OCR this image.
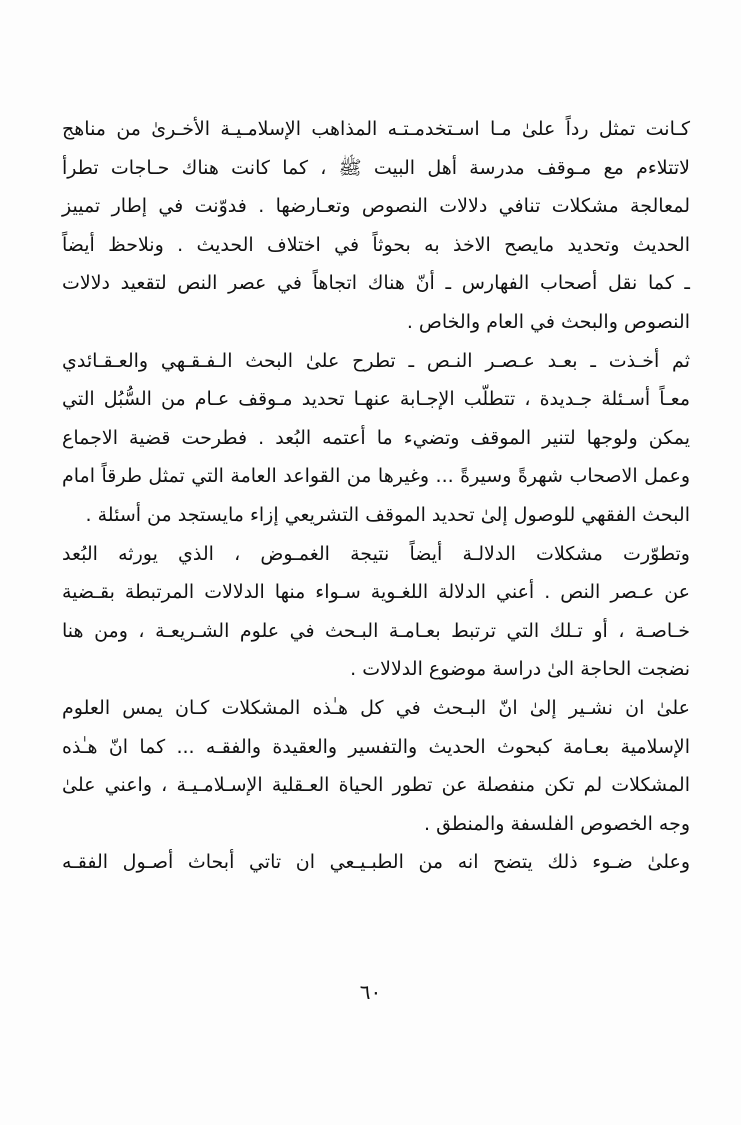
كـانت تمثل رداً علىٰ مـا اسـتخدمـتـه المذاهب الإسلامـيـة الأخـرىٰ من مناهج
لاتتلاءم مع مـوقف مدرسة أهل البيت ﷺ ، كما كانت هناك حـاجات تطرأ
لمعالجة مشكلات تنافي دلالات النصوص وتعـارضها . فدوّنت في إطار تمييز
الحديث وتحديد مايصح الاخذ به بحوثاً في اختلاف الحديث . ونلاحظ أيضاً
ـ كما نقل أصحاب الفهارس ـ أنّ هناك اتجاهاً في عصر النص لتقعيد دلالات
النصوص والبحث في العام والخاص .
ثم أخـذت ـ بعـد عـصـر النـص ـ تطرح علىٰ البحث الـفـقـهي والعـقـائدي
معـاً أسـئلة جـديدة ، تتطلّب الإجـابة عنهـا تحديد مـوقف عـام من السُّبُل التي
يمكن ولوجها لتنير الموقف وتضيء ما أعتمه البُعد . فطرحت قضية الاجماع
وعمل الاصحاب شهرةً وسيرةً ... وغيرها من القواعد العامة التي تمثل طرقاً امام
البحث الفقهي للوصول إلىٰ تحديد الموقف التشريعي إزاء مايستجد من أسئلة .
وتطوّرت مشكلات الدلالـة أيضاً نتيجة الغمـوض ، الذي يورثه البُعد
عن عـصر النص . أعني الدلالة اللغـوية سـواء منها الدلالات المرتبطة بقـضية
خـاصـة ، أو تـلك التي ترتبط بعـامـة البـحث في علوم الشـريعـة ، ومن هنا
نضجت الحاجة الىٰ دراسة موضوع الدلالات .
علىٰ ان نشـير إلىٰ انّ البـحث في كل هـٰذه المشكلات كـان يمس العلوم
الإسلامية بعـامة كبحوث الحديث والتفسير والعقيدة والفقـه ... كما انّ هـٰذه
المشكلات لم تكن منفصلة عن تطور الحياة العـقلية الإسـلامـيـة ، واعني علىٰ
وجه الخصوص الفلسفة والمنطق .
وعلىٰ ضـوء ذلك يتضح انه من الطبـيـعي ان تاتي أبحاث أصـول الفقـه
٦٠
